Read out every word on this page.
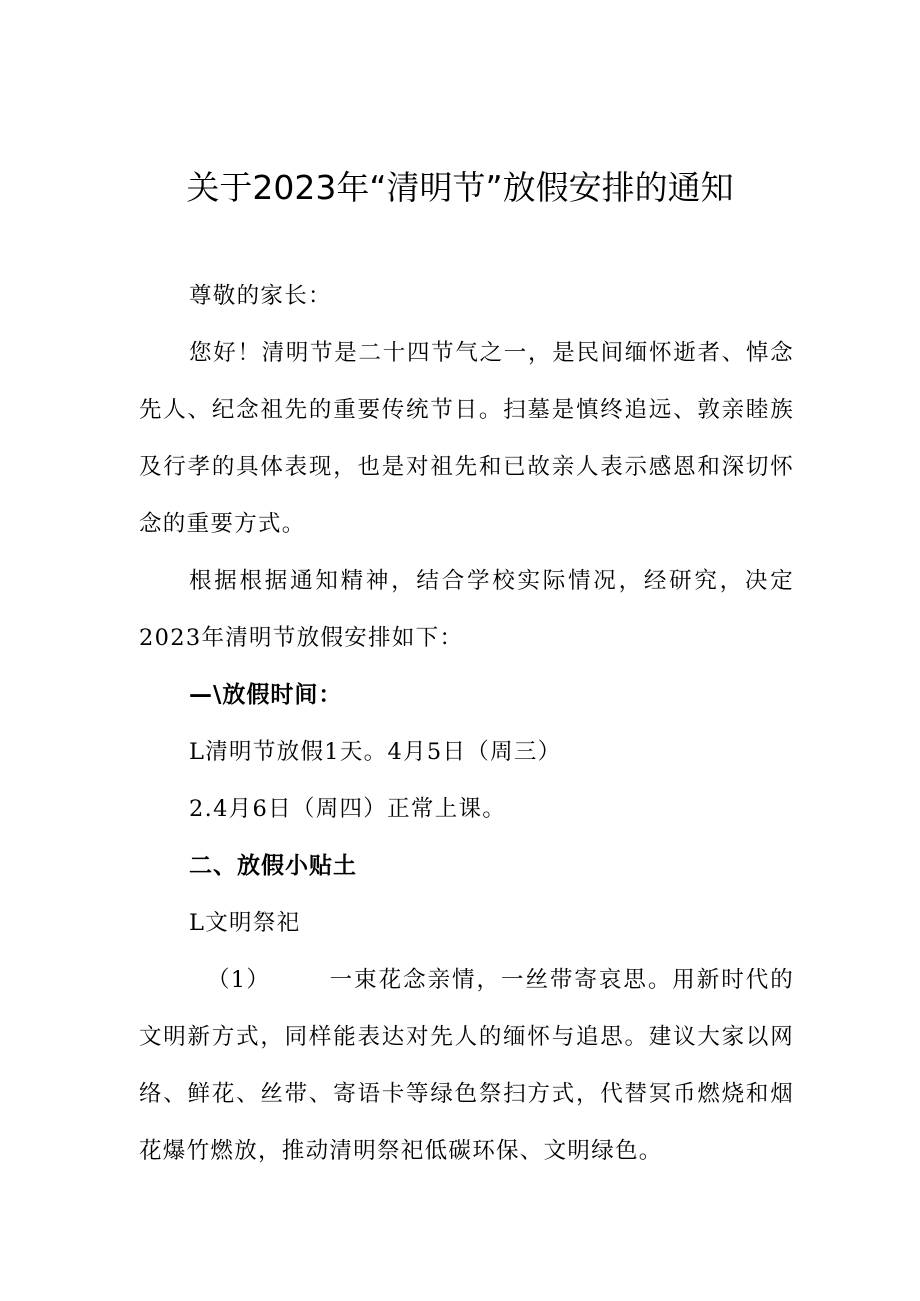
关于2023年“清明节”放假安排的通知

尊敬的家长：

您好！清明节是二十四节气之一，是民间缅怀逝者、悼念先人、纪念祖先的重要传统节日。扫墓是慎终追远、敦亲睦族及行孝的具体表现，也是对祖先和已故亲人表示感恩和深切怀念的重要方式。

根据根据通知精神，结合学校实际情况，经研究，决定2023年清明节放假安排如下：

—\放假时间：

L清明节放假1天。4月5日（周三）

2.4月6日（周四）正常上课。

二、放假小贴土

L文明祭祀

（1）	一束花念亲情，一丝带寄哀思。用新时代的文明新方式，同样能表达对先人的缅怀与追思。建议大家以网络、鲜花、丝带、寄语卡等绿色祭扫方式，代替冥币燃烧和烟花爆竹燃放，推动清明祭祀低碳环保、文明绿色。
